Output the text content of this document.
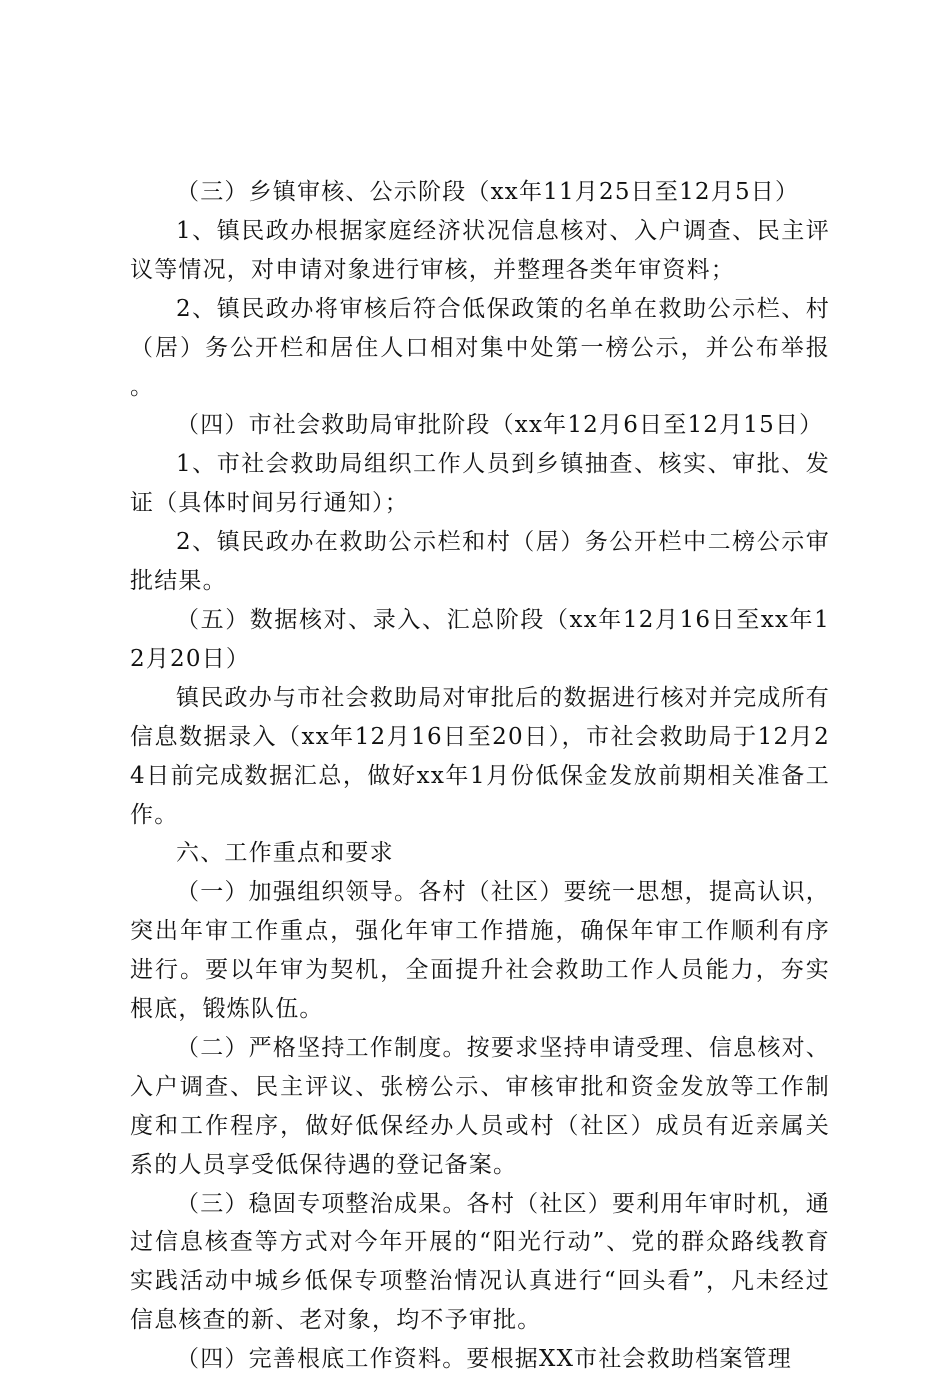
（三）乡镇审核、公示阶段（xx年11月25日至12月5日）

1、镇民政办根据家庭经济状况信息核对、入户调查、民主评议等情况，对申请对象进行审核，并整理各类年审资料；

2、镇民政办将审核后符合低保政策的名单在救助公示栏、村（居）务公开栏和居住人口相对集中处第一榜公示，并公布举报 。

（四）市社会救助局审批阶段（xx年12月6日至12月15日）

1、市社会救助局组织工作人员到乡镇抽查、核实、审批、发证（具体时间另行通知）；

2、镇民政办在救助公示栏和村（居）务公开栏中二榜公示审批结果。

（五）数据核对、录入、汇总阶段（xx年12月16日至xx年12月20日）

镇民政办与市社会救助局对审批后的数据进行核对并完成所有信息数据录入（xx年12月16日至20日），市社会救助局于12月24日前完成数据汇总，做好xx年1月份低保金发放前期相关准备工作。

六、工作重点和要求

（一）加强组织领导。各村（社区）要统一思想，提高认识，突出年审工作重点，强化年审工作措施，确保年审工作顺利有序进行。要以年审为契机，全面提升社会救助工作人员能力，夯实根底，锻炼队伍。

（二）严格坚持工作制度。按要求坚持申请受理、信息核对、入户调查、民主评议、张榜公示、审核审批和资金发放等工作制度和工作程序，做好低保经办人员或村（社区）成员有近亲属关系的人员享受低保待遇的登记备案。

（三）稳固专项整治成果。各村（社区）要利用年审时机，通过信息核查等方式对今年开展的“阳光行动”、党的群众路线教育实践活动中城乡低保专项整治情况认真进行“回头看”，凡未经过信息核查的新、老对象，均不予审批。

（四）完善根底工作资料。要根据XX市社会救助档案管理
